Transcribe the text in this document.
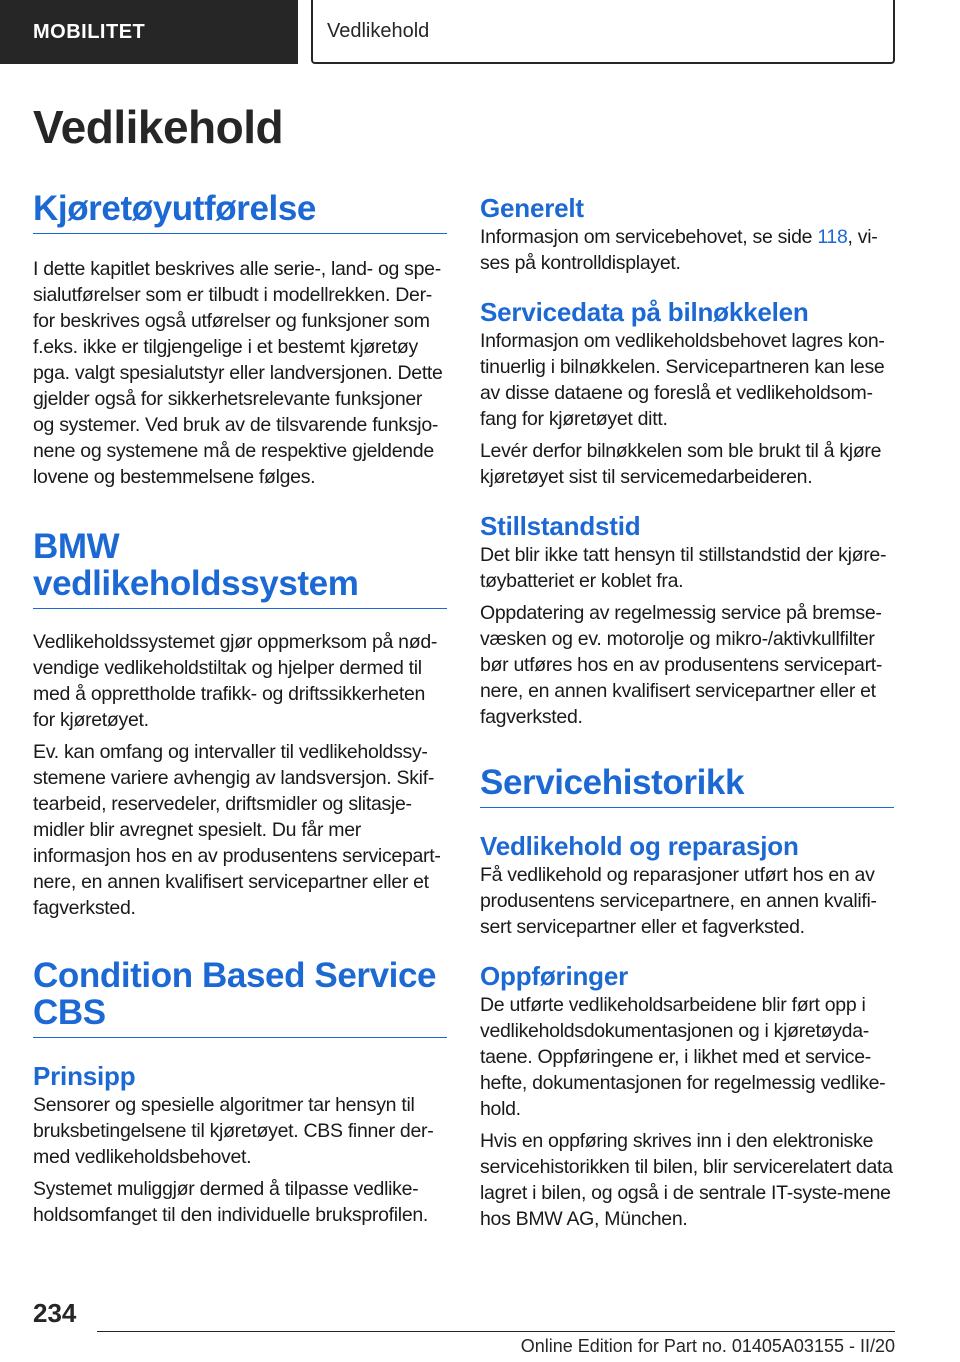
MOBILITET	Vedlikehold
Vedlikehold
Kjøretøyutførelse

I dette kapitlet beskrives alle serie-, land- og spe-sialutførelser som er tilbudt i modellrekken. Der-for beskrives også utførelser og funksjoner som f.eks. ikke er tilgjengelige i et bestemt kjøretøy pga. valgt spesialutstyr eller landversjonen. Dette gjelder også for sikkerhetsrelevante funksjoner og systemer. Ved bruk av de tilsvarende funksjo-nene og systemene må de respektive gjeldende lovene og bestemmelsene følges.

BMW vedlikeholdssystem

Vedlikeholdssystemet gjør oppmerksom på nød-vendige vedlikeholdstiltak og hjelper dermed til med å opprettholde trafikk- og driftssikkerheten for kjøretøyet.

Ev. kan omfang og intervaller til vedlikeholdssy-stemene variere avhengig av landsversjon. Skif-tearbeid, reservedeler, driftsmidler og slitasje-midler blir avregnet spesielt. Du får mer informasjon hos en av produsentens servicepart-nere, en annen kvalifisert servicepartner eller et fagverksted.

Condition Based Service CBS
Prinsipp

Sensorer og spesielle algoritmer tar hensyn til bruksbetingelsene til kjøretøyet. CBS finner der-med vedlikeholdsbehovet.

Systemet muliggjør dermed å tilpasse vedlike-holdsomfanget til den individuelle bruksprofilen.

Generelt

Informasjon om servicebehovet, se side 118, vi-ses på kontrolldisplayet.

Servicedata på bilnøkkelen

Informasjon om vedlikeholdsbehovet lagres kon-tinuerlig i bilnøkkelen. Servicepartneren kan lese av disse dataene og foreslå et vedlikeholdsom-fang for kjøretøyet ditt.

Levér derfor bilnøkkelen som ble brukt til å kjøre kjøretøyet sist til servicemedarbeideren.

Stillstandstid

Det blir ikke tatt hensyn til stillstandstid der kjøre-tøybatteriet er koblet fra.

Oppdatering av regelmessig service på bremse-væsken og ev. motorolje og mikro-/aktivkullfilter bør utføres hos en av produsentens servicepart-nere, en annen kvalifisert servicepartner eller et fagverksted.

Servicehistorikk
Vedlikehold og reparasjon

Få vedlikehold og reparasjoner utført hos en av produsentens servicepartnere, en annen kvalifi-sert servicepartner eller et fagverksted.

Oppføringer

De utførte vedlikeholdsarbeidene blir ført opp i vedlikeholdsdokumentasjonen og i kjøretøyda-taene. Oppføringene er, i likhet med et service-hefte, dokumentasjonen for regelmessig vedlike-hold.

Hvis en oppføring skrives inn i den elektroniske servicehistorikken til bilen, blir servicerelatert data lagret i bilen, og også i de sentrale IT-syste-mene hos BMW AG, München.

234
Online Edition for Part no. 01405A03155 - II/20
